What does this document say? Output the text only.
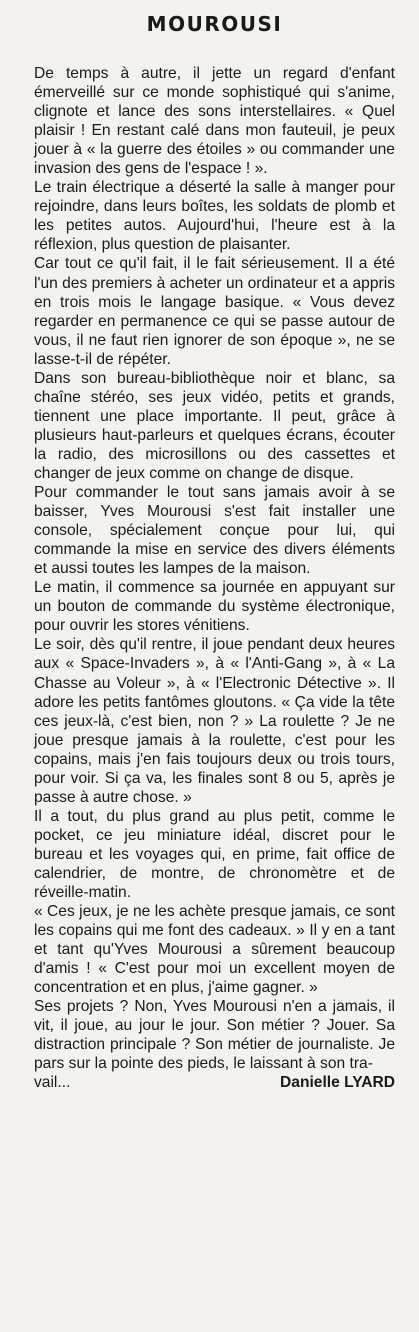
MOUROUSI

De temps à autre, il jette un regard d'enfant émerveillé sur ce monde sophistiqué qui s'anime, clignote et lance des sons interstellaires. « Quel plaisir ! En restant calé dans mon fauteuil, je peux jouer à « la guerre des étoiles » ou commander une invasion des gens de l'espace ! ».

Le train électrique a déserté la salle à manger pour rejoindre, dans leurs boîtes, les soldats de plomb et les petites autos. Aujourd'hui, l'heure est à la réflexion, plus question de plaisanter.

Car tout ce qu'il fait, il le fait sérieusement. Il a été l'un des premiers à acheter un ordinateur et a appris en trois mois le langage basique. « Vous devez regarder en permanence ce qui se passe autour de vous, il ne faut rien ignorer de son époque », ne se lasse-t-il de répéter.

Dans son bureau-bibliothèque noir et blanc, sa chaîne stéréo, ses jeux vidéo, petits et grands, tiennent une place importante. Il peut, grâce à plusieurs haut-parleurs et quelques écrans, écouter la radio, des microsillons ou des cassettes et changer de jeux comme on change de disque.

Pour commander le tout sans jamais avoir à se baisser, Yves Mourousi s'est fait installer une console, spécialement conçue pour lui, qui commande la mise en service des divers éléments et aussi toutes les lampes de la maison.

Le matin, il commence sa journée en appuyant sur un bouton de commande du système électronique, pour ouvrir les stores vénitiens.

Le soir, dès qu'il rentre, il joue pendant deux heures aux « Space-Invaders », à « l'Anti-Gang », à « La Chasse au Voleur », à « l'Electronic Détective ». Il adore les petits fantômes gloutons. « Ça vide la tête ces jeux-là, c'est bien, non ? » La roulette ? Je ne joue presque jamais à la roulette, c'est pour les copains, mais j'en fais toujours deux ou trois tours, pour voir. Si ça va, les finales sont 8 ou 5, après je passe à autre chose. »

Il a tout, du plus grand au plus petit, comme le pocket, ce jeu miniature idéal, discret pour le bureau et les voyages qui, en prime, fait office de calendrier, de montre, de chronomètre et de réveille-matin.

« Ces jeux, je ne les achète presque jamais, ce sont les copains qui me font des cadeaux. » Il y en a tant et tant qu'Yves Mourousi a sûrement beaucoup d'amis ! « C'est pour moi un excellent moyen de concentration et en plus, j'aime gagner. »

Ses projets ? Non, Yves Mourousi n'en a jamais, il vit, il joue, au jour le jour. Son métier ? Jouer. Sa distraction principale ? Son métier de journaliste. Je pars sur la pointe des pieds, le laissant à son tra-

vail...	Danielle LYARD
